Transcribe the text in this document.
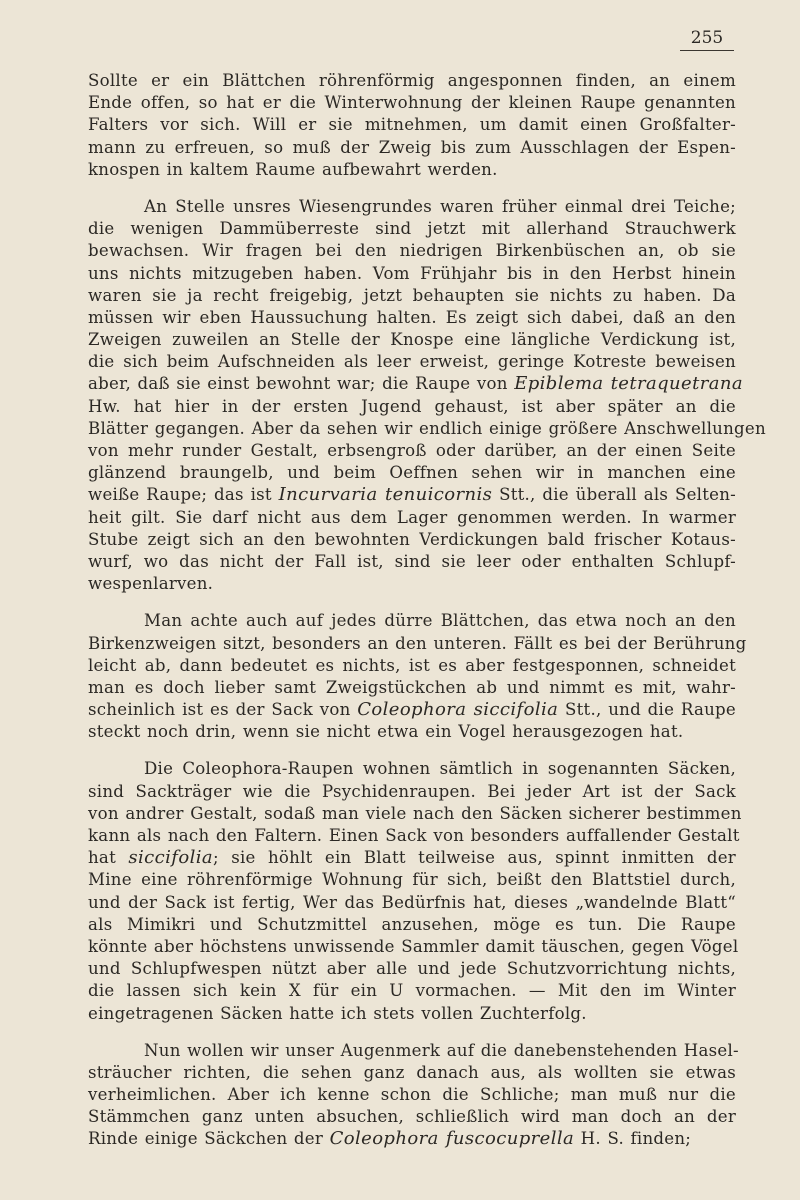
255
Sollte er ein Blättchen röhrenförmig angesponnen finden, an einem
Ende offen, so hat er die Winterwohnung der kleinen Raupe genannten
Falters vor sich. Will er sie mitnehmen, um damit einen Großfalter-
mann zu erfreuen, so muß der Zweig bis zum Ausschlagen der Espen-
knospen in kaltem Raume aufbewahrt werden.
An Stelle unsres Wiesengrundes waren früher einmal drei Teiche;
die wenigen Dammüberreste sind jetzt mit allerhand Strauchwerk
bewachsen. Wir fragen bei den niedrigen Birkenbüschen an, ob sie
uns nichts mitzugeben haben. Vom Frühjahr bis in den Herbst hinein
waren sie ja recht freigebig, jetzt behaupten sie nichts zu haben. Da
müssen wir eben Haussuchung halten. Es zeigt sich dabei, daß an den
Zweigen zuweilen an Stelle der Knospe eine längliche Verdickung ist,
die sich beim Aufschneiden als leer erweist, geringe Kotreste beweisen
aber, daß sie einst bewohnt war; die Raupe von Epiblema tetraquetrana
Hw. hat hier in der ersten Jugend gehaust, ist aber später an die
Blätter gegangen. Aber da sehen wir endlich einige größere Anschwellungen
von mehr runder Gestalt, erbsengroß oder darüber, an der einen Seite
glänzend braungelb, und beim Oeffnen sehen wir in manchen eine
weiße Raupe; das ist Incurvaria tenuicornis Stt., die überall als Selten-
heit gilt. Sie darf nicht aus dem Lager genommen werden. In warmer
Stube zeigt sich an den bewohnten Verdickungen bald frischer Kotaus-
wurf, wo das nicht der Fall ist, sind sie leer oder enthalten Schlupf-
wespenlarven.
Man achte auch auf jedes dürre Blättchen, das etwa noch an den
Birkenzweigen sitzt, besonders an den unteren. Fällt es bei der Berührung
leicht ab, dann bedeutet es nichts, ist es aber festgesponnen, schneidet
man es doch lieber samt Zweigstückchen ab und nimmt es mit, wahr-
scheinlich ist es der Sack von Coleophora siccifolia Stt., und die Raupe
steckt noch drin, wenn sie nicht etwa ein Vogel herausgezogen hat.
Die Coleophora-Raupen wohnen sämtlich in sogenannten Säcken,
sind Sackträger wie die Psychidenraupen. Bei jeder Art ist der Sack
von andrer Gestalt, sodaß man viele nach den Säcken sicherer bestimmen
kann als nach den Faltern. Einen Sack von besonders auffallender Gestalt
hat siccifolia; sie höhlt ein Blatt teilweise aus, spinnt inmitten der
Mine eine röhrenförmige Wohnung für sich, beißt den Blattstiel durch,
und der Sack ist fertig, Wer das Bedürfnis hat, dieses „wandelnde Blatt“
als Mimikri und Schutzmittel anzusehen, möge es tun. Die Raupe
könnte aber höchstens unwissende Sammler damit täuschen, gegen Vögel
und Schlupfwespen nützt aber alle und jede Schutzvorrichtung nichts,
die lassen sich kein X für ein U vormachen. — Mit den im Winter
eingetragenen Säcken hatte ich stets vollen Zuchterfolg.
Nun wollen wir unser Augenmerk auf die danebenstehenden Hasel-
sträucher richten, die sehen ganz danach aus, als wollten sie etwas
verheimlichen. Aber ich kenne schon die Schliche; man muß nur die
Stämmchen ganz unten absuchen, schließlich wird man doch an der
Rinde einige Säckchen der Coleophora fuscocuprella H. S. finden;
